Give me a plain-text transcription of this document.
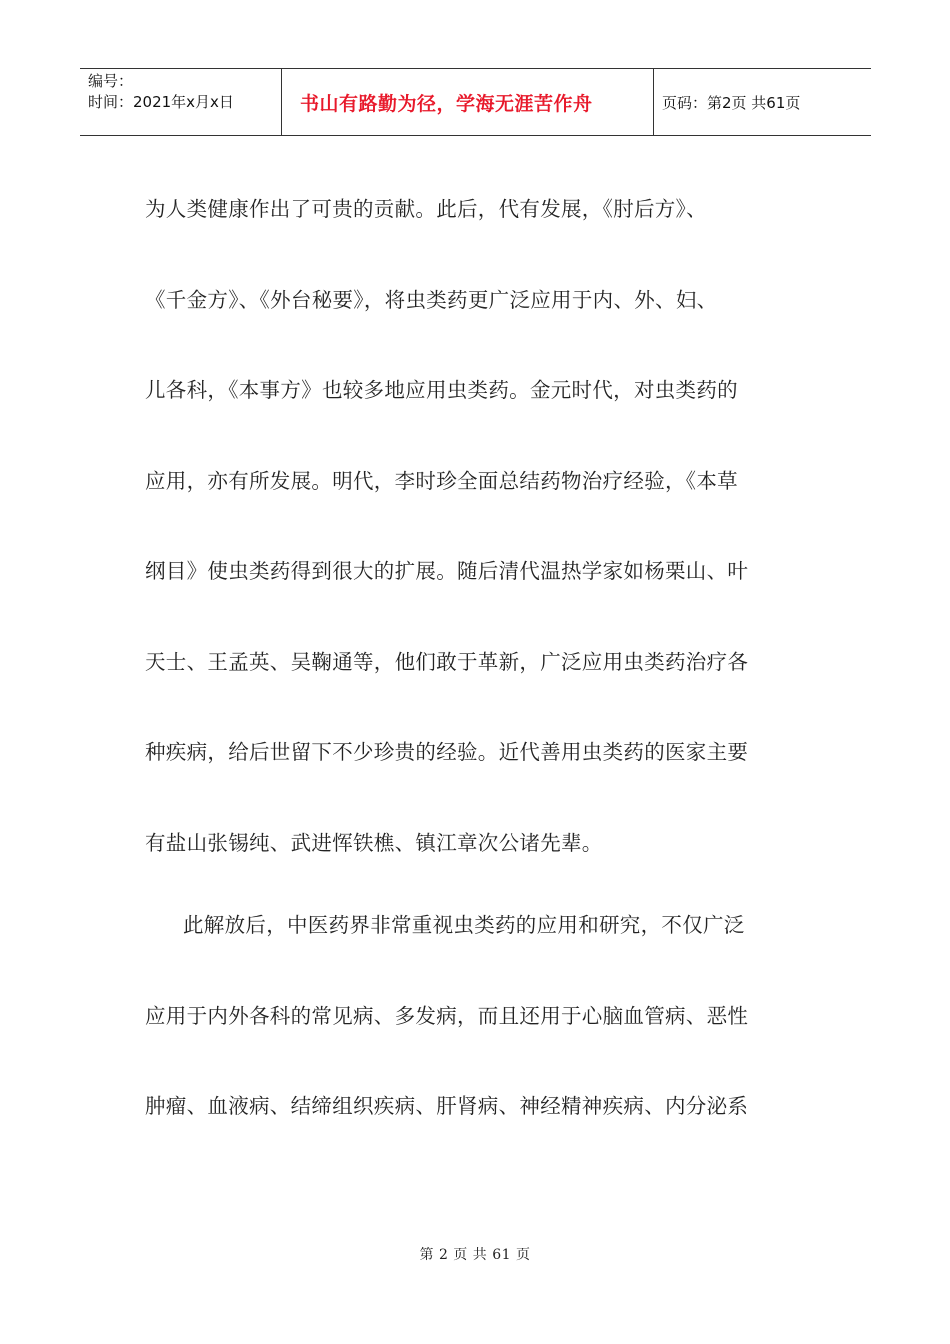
编号：
时间：2021年x月x日	书山有路勤为径，学海无涯苦作舟	页码：第2页 共61页

为人类健康作出了可贵的贡献。此后，代有发展，《肘后方》、

《千金方》、《外台秘要》，将虫类药更广泛应用于内、外、妇、

儿各科，《本事方》也较多地应用虫类药。金元时代，对虫类药的

应用，亦有所发展。明代，李时珍全面总结药物治疗经验，《本草

纲目》使虫类药得到很大的扩展。随后清代温热学家如杨栗山、叶

天士、王孟英、吴鞠通等，他们敢于革新，广泛应用虫类药治疗各

种疾病，给后世留下不少珍贵的经验。近代善用虫类药的医家主要

有盐山张锡纯、武进恽铁樵、镇江章次公诸先辈。

此解放后，中医药界非常重视虫类药的应用和研究，不仅广泛

应用于内外各科的常见病、多发病，而且还用于心脑血管病、恶性

肿瘤、血液病、结缔组织疾病、肝肾病、神经精神疾病、内分泌系

第 2 页 共 61 页
